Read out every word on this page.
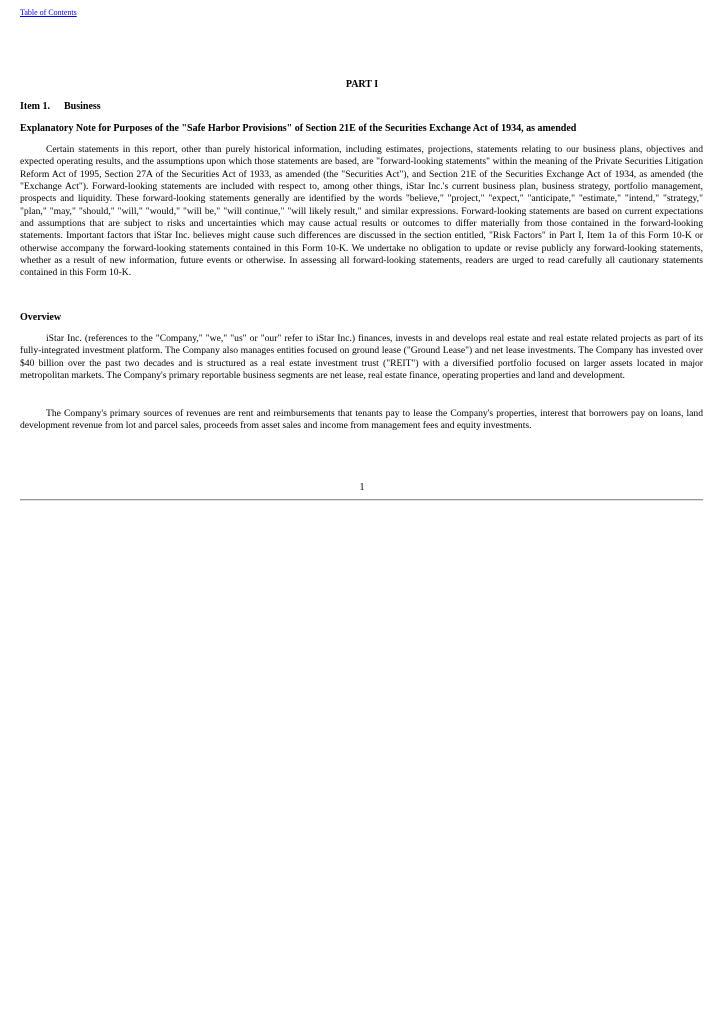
Table of Contents
PART I
Item 1. Business
Explanatory Note for Purposes of the "Safe Harbor Provisions" of Section 21E of the Securities Exchange Act of 1934, as amended

Certain statements in this report, other than purely historical information, including estimates, projections, statements relating to our business plans, objectives and expected operating results, and the assumptions upon which those statements are based, are "forward-looking statements" within the meaning of the Private Securities Litigation Reform Act of 1995, Section 27A of the Securities Act of 1933, as amended (the "Securities Act"), and Section 21E of the Securities Exchange Act of 1934, as amended (the "Exchange Act"). Forward-looking statements are included with respect to, among other things, iStar Inc.'s current business plan, business strategy, portfolio management, prospects and liquidity. These forward-looking statements generally are identified by the words "believe," "project," "expect," "anticipate," "estimate," "intend," "strategy," "plan," "may," "should," "will," "would," "will be," "will continue," "will likely result," and similar expressions. Forward-looking statements are based on current expectations and assumptions that are subject to risks and uncertainties which may cause actual results or outcomes to differ materially from those contained in the forward-looking statements. Important factors that iStar Inc. believes might cause such differences are discussed in the section entitled, "Risk Factors" in Part I, Item 1a of this Form 10-K or otherwise accompany the forward-looking statements contained in this Form 10-K. We undertake no obligation to update or revise publicly any forward-looking statements, whether as a result of new information, future events or otherwise. In assessing all forward-looking statements, readers are urged to read carefully all cautionary statements contained in this Form 10-K.

Overview

iStar Inc. (references to the "Company," "we," "us" or "our" refer to iStar Inc.) finances, invests in and develops real estate and real estate related projects as part of its fully-integrated investment platform. The Company also manages entities focused on ground lease ("Ground Lease") and net lease investments. The Company has invested over $40 billion over the past two decades and is structured as a real estate investment trust ("REIT") with a diversified portfolio focused on larger assets located in major metropolitan markets. The Company's primary reportable business segments are net lease, real estate finance, operating properties and land and development.

The Company's primary sources of revenues are rent and reimbursements that tenants pay to lease the Company's properties, interest that borrowers pay on loans, land development revenue from lot and parcel sales, proceeds from asset sales and income from management fees and equity investments.

1
